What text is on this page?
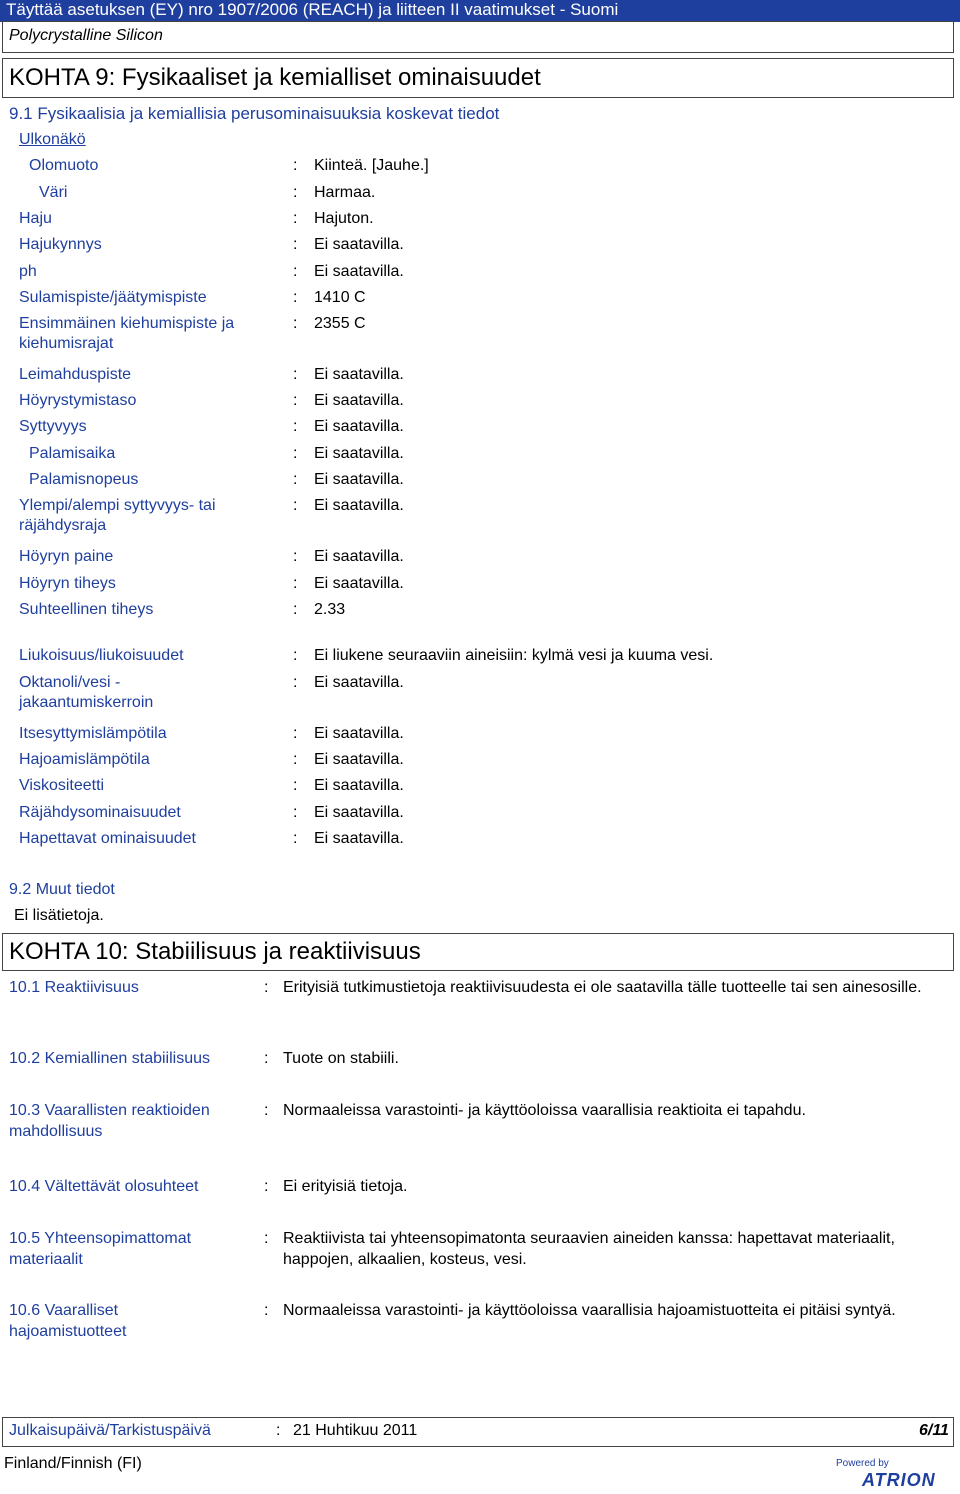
Täyttää asetuksen (EY) nro 1907/2006 (REACH) ja liitteen II vaatimukset - Suomi
Polycrystalline Silicon
KOHTA 9: Fysikaaliset ja kemialliset ominaisuudet
9.1 Fysikaalisia ja kemiallisia perusominaisuuksia koskevat tiedot
Ulkonäkö
Olomuoto	: Kiinteä. [Jauhe.]
Väri	: Harmaa.
Haju	: Hajuton.
Hajukynnys	: Ei saatavilla.
ph	: Ei saatavilla.
Sulamispiste/jäätymispiste	: 1410 C
Ensimmäinen kiehumispiste ja kiehumisrajat
: 2355 C
Leimahduspiste	: Ei saatavilla.
Höyrystymistaso	: Ei saatavilla.
Syttyvyys	: Ei saatavilla.
Palamisaika	: Ei saatavilla.
Palamisnopeus	: Ei saatavilla.
Ylempi/alempi syttyvyys- tai räjähdysraja
: Ei saatavilla.
Höyryn paine	: Ei saatavilla.
Höyryn tiheys	: Ei saatavilla.
Suhteellinen tiheys	: 2.33
Liukoisuus/liukoisuudet	: Ei liukene seuraaviin aineisiin: kylmä vesi ja kuuma vesi.
Oktanoli/vesi - jakaantumiskerroin
: Ei saatavilla.
Itsesyttymislämpötila	: Ei saatavilla.
Hajoamislämpötila	: Ei saatavilla.
Viskositeetti	: Ei saatavilla.
Räjähdysominaisuudet	: Ei saatavilla.
Hapettavat ominaisuudet	: Ei saatavilla.
9.2 Muut tiedot
Ei lisätietoja.
KOHTA 10: Stabiilisuus ja reaktiivisuus
10.1 Reaktiivisuus	: Erityisiä tutkimustietoja reaktiivisuudesta ei ole saatavilla tälle tuotteelle tai sen ainesosille.
10.2 Kemiallinen stabiilisuus	: Tuote on stabiili.
10.3 Vaarallisten reaktioiden mahdollisuus
: Normaaleissa varastointi- ja käyttöoloissa vaarallisia reaktioita ei tapahdu.
10.4 Vältettävät olosuhteet	: Ei erityisiä tietoja.
10.5 Yhteensopimattomat materiaalit
: Reaktiivista tai yhteensopimatonta seuraavien aineiden kanssa: hapettavat materiaalit, happojen, alkaalien, kosteus, vesi.
10.6 Vaaralliset hajoamistuotteet
: Normaaleissa varastointi- ja käyttöoloissa vaarallisia hajoamistuotteita ei pitäisi syntyä.
Julkaisupäivä/Tarkistuspäivä	: 21 Huhtikuu 2011	6/11
Finland/Finnish (FI)	Powered by
ATRION
